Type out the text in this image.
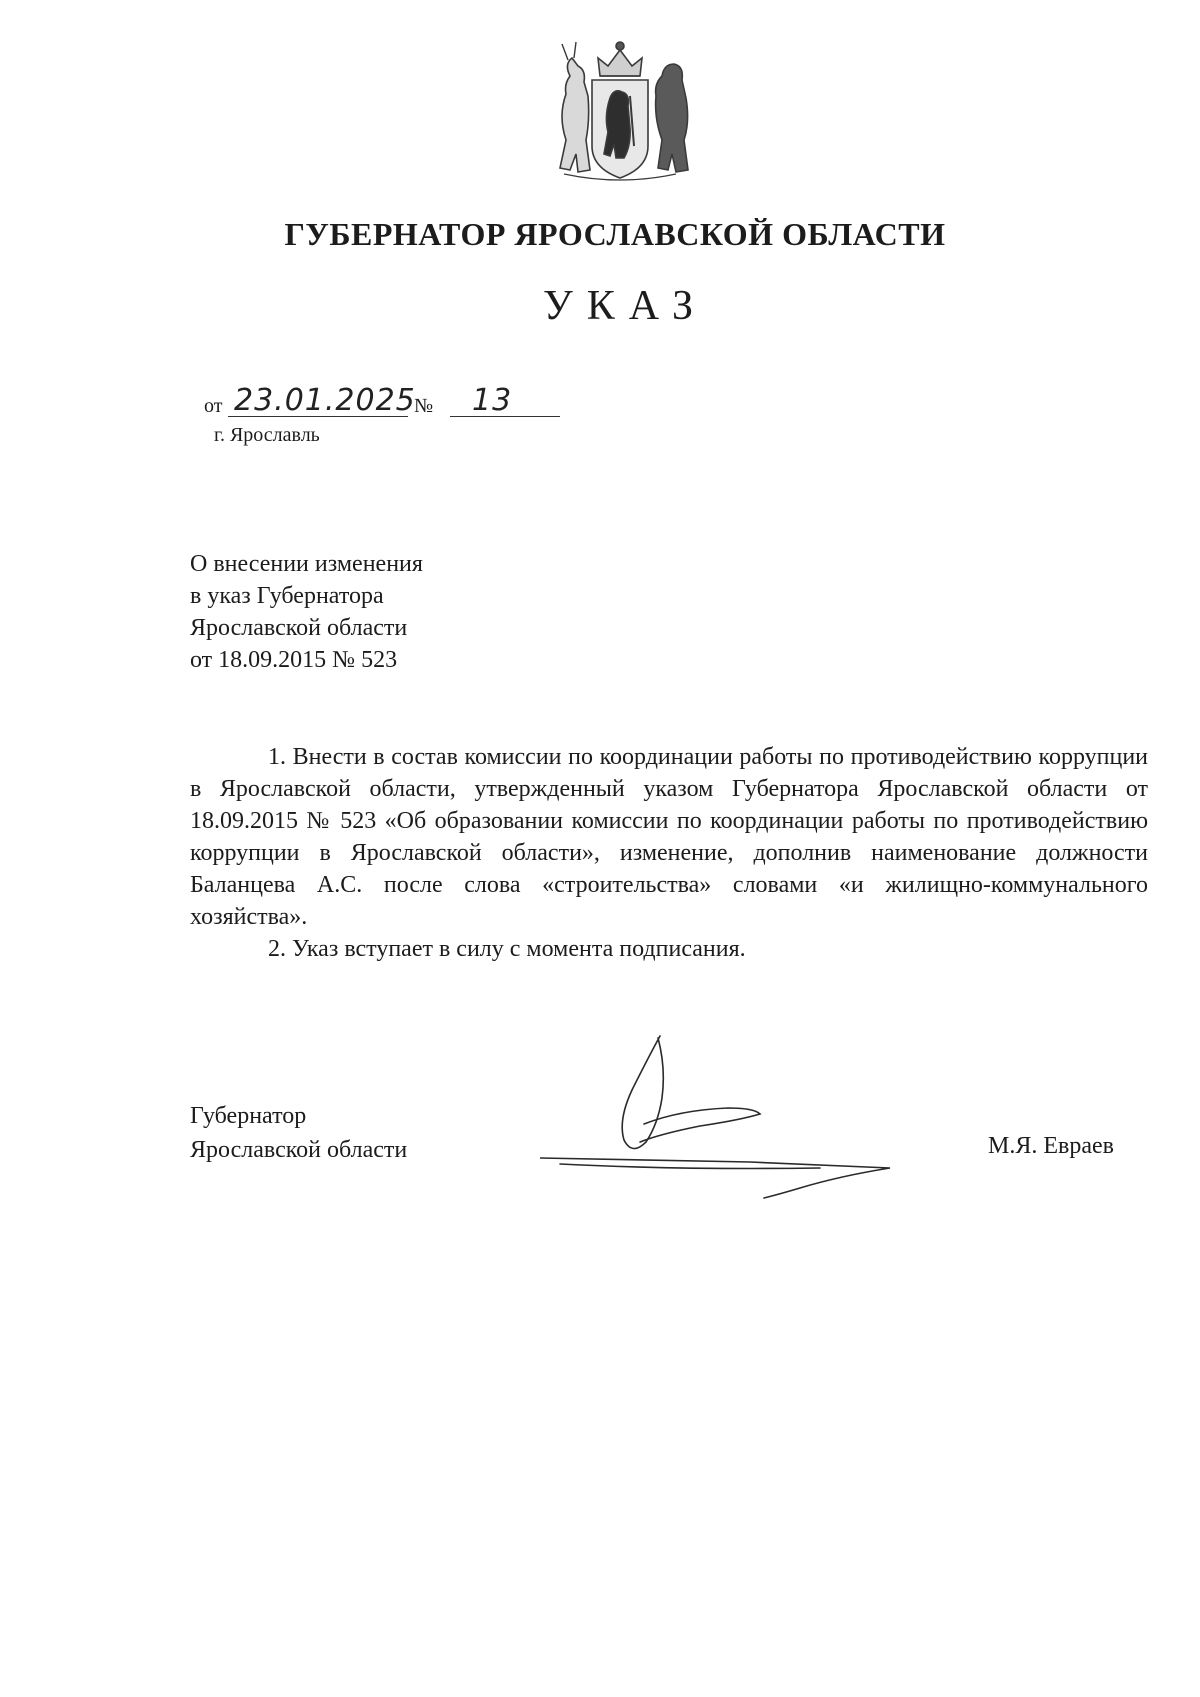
ГУБЕРНАТОР ЯРОСЛАВСКОЙ ОБЛАСТИ
УКАЗ
от 23.01.2025
№ 13
г. Ярославль
О внесении изменения
в указ Губернатора
Ярославской области
от 18.09.2015 № 523

1. Внести в состав комиссии по координации работы по противодействию коррупции в Ярославской области, утвержденный указом Губернатора Ярославской области от 18.09.2015 № 523 «Об образовании комиссии по координации работы по противодействию коррупции в Ярославской области», изменение, дополнив наименование должности Баланцева А.С. после слова «строительства» словами «и жилищно-коммунального хозяйства».

2. Указ вступает в силу с момента подписания.

Губернатор
Ярославской области	М.Я. Евраев
